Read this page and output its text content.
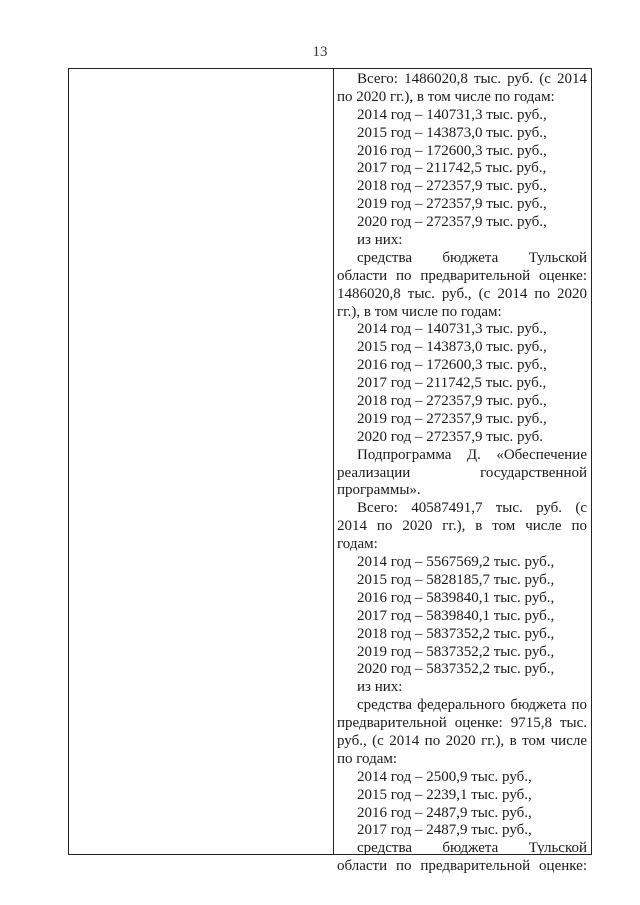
13
Всего: 1486020,8 тыс. руб. (с 2014
по 2020 гг.), в том числе по годам:
2014 год – 140731,3 тыс. руб.,
2015 год – 143873,0 тыс. руб.,
2016 год – 172600,3 тыс. руб.,
2017 год – 211742,5 тыс. руб.,
2018 год – 272357,9 тыс. руб.,
2019 год – 272357,9 тыс. руб.,
2020 год – 272357,9 тыс. руб.,
из них:
средства бюджета Тульской
области по предварительной оценке:
1486020,8 тыс. руб., (с 2014 по 2020
гг.), в том числе по годам:
2014 год – 140731,3 тыс. руб.,
2015 год – 143873,0 тыс. руб.,
2016 год – 172600,3 тыс. руб.,
2017 год – 211742,5 тыс. руб.,
2018 год – 272357,9 тыс. руб.,
2019 год – 272357,9 тыс. руб.,
2020 год – 272357,9 тыс. руб.
Подпрограмма Д. «Обеспечение
реализации государственной
программы».
Всего: 40587491,7 тыс. руб. (с
2014 по 2020 гг.), в том числе по
годам:
2014 год – 5567569,2 тыс. руб.,
2015 год – 5828185,7 тыс. руб.,
2016 год – 5839840,1 тыс. руб.,
2017 год – 5839840,1 тыс. руб.,
2018 год – 5837352,2 тыс. руб.,
2019 год – 5837352,2 тыс. руб.,
2020 год – 5837352,2 тыс. руб.,
из них:
средства федерального бюджета по
предварительной оценке: 9715,8 тыс.
руб., (с 2014 по 2020 гг.), в том числе
по годам:
2014 год – 2500,9 тыс. руб.,
2015 год – 2239,1 тыс. руб.,
2016 год – 2487,9 тыс. руб.,
2017 год – 2487,9 тыс. руб.,
средства бюджета Тульской
области по предварительной оценке:
